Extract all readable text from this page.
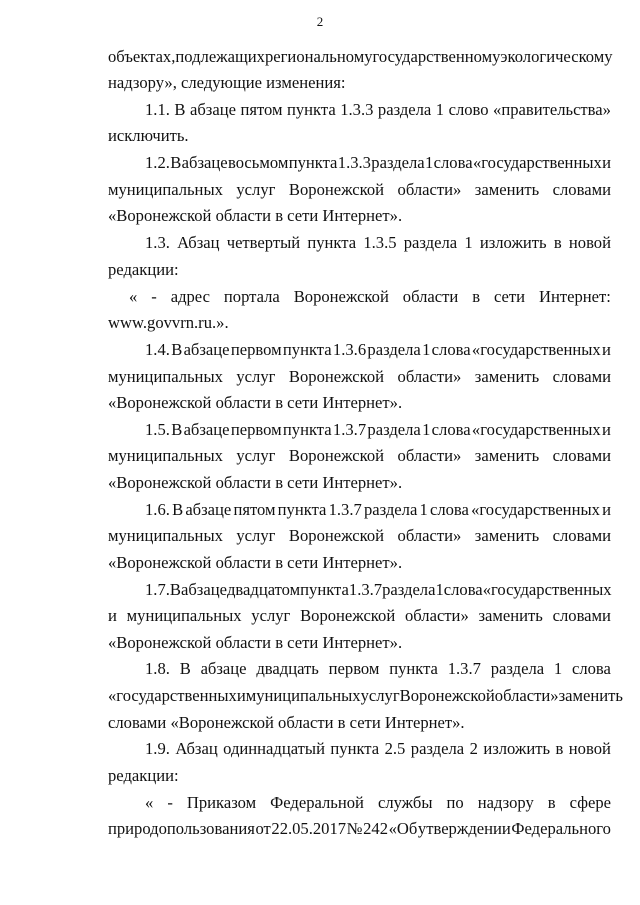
2
объектах, подлежащих региональному государственному экологическому
надзору», следующие изменения:
1.1. В абзаце пятом пункта 1.3.3 раздела 1 слово «правительства»
исключить.
1.2. В абзаце восьмом пункта 1.3.3 раздела 1 слова «государственных и
муниципальных услуг Воронежской области» заменить словами
«Воронежской области в сети Интернет».
1.3. Абзац четвертый пункта 1.3.5 раздела 1 изложить в новой
редакции:
« - адрес портала Воронежской области в сети Интернет:
www.govvrn.ru.».
1.4. В абзаце первом пункта 1.3.6 раздела 1 слова «государственных и
муниципальных услуг Воронежской области» заменить словами
«Воронежской области в сети Интернет».
1.5. В абзаце первом пункта 1.3.7 раздела 1 слова «государственных и
муниципальных услуг Воронежской области» заменить словами
«Воронежской области в сети Интернет».
1.6. В абзаце пятом пункта 1.3.7 раздела 1 слова «государственных и
муниципальных услуг Воронежской области» заменить словами
«Воронежской области в сети Интернет».
1.7. В абзаце двадцатом пункта 1.3.7 раздела 1 слова «государственных
и муниципальных услуг Воронежской области» заменить словами
«Воронежской области в сети Интернет».
1.8. В абзаце двадцать первом пункта 1.3.7 раздела 1 слова
«государственных и муниципальных услуг Воронежской области» заменить
словами «Воронежской области в сети Интернет».
1.9. Абзац одиннадцатый пункта 2.5 раздела 2 изложить в новой
редакции:
« - Приказом Федеральной службы по надзору в сфере
природопользования от 22.05.2017 № 242 «Об утверждении Федерального
